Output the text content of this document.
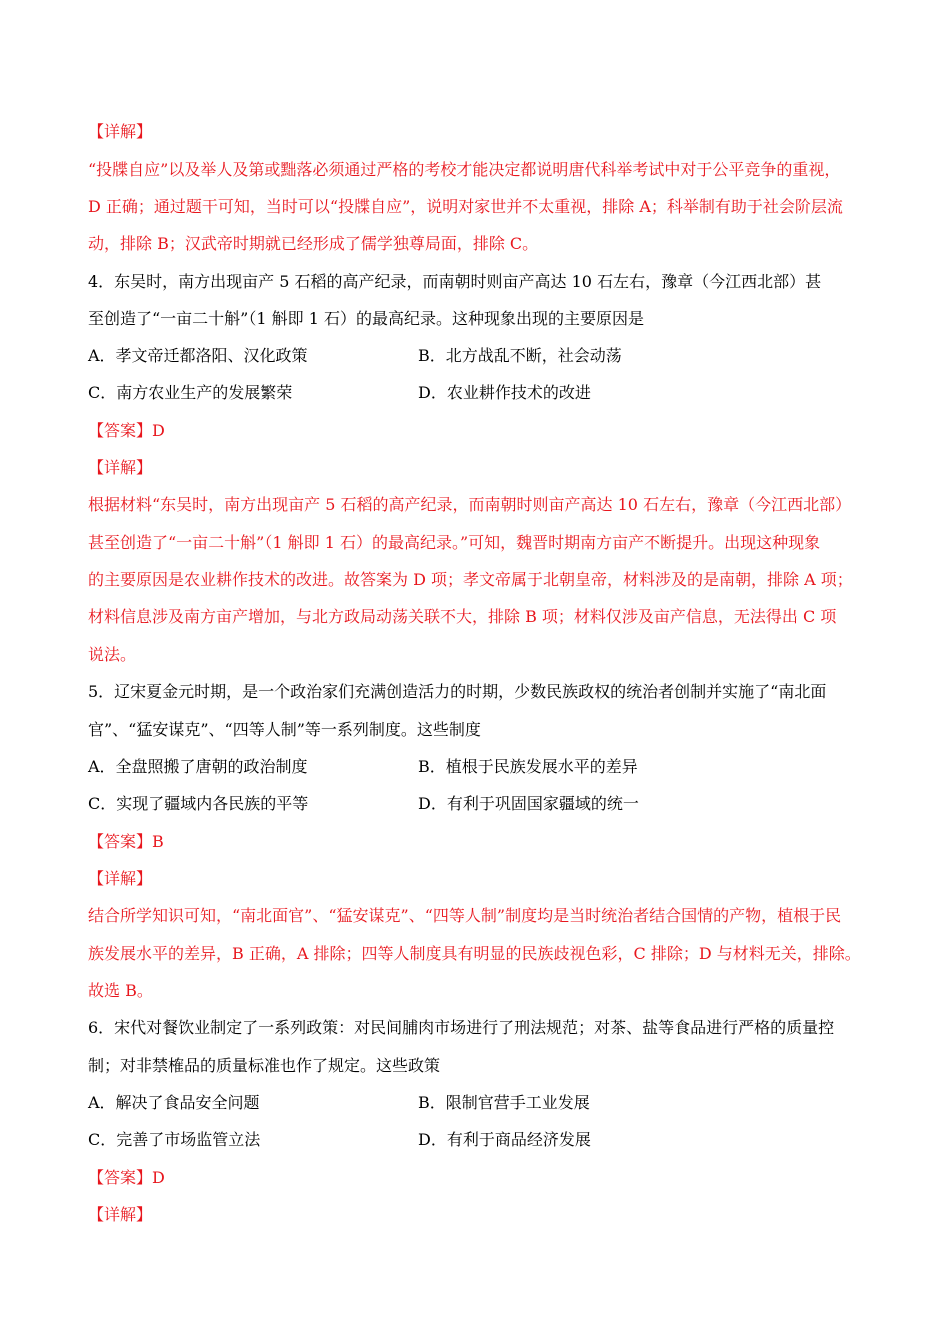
【详解】
“投牒自应”以及举人及第或黜落必须通过严格的考校才能决定都说明唐代科举考试中对于公平竞争的重视，
D 正确；通过题干可知，当时可以“投牒自应”，说明对家世并不太重视，排除 A；科举制有助于社会阶层流
动，排除 B；汉武帝时期就已经形成了儒学独尊局面，排除 C。
4．东吴时，南方出现亩产 5 石稻的高产纪录，而南朝时则亩产高达 10 石左右，豫章（今江西北部）甚
至创造了“一亩二十斛”（1 斛即 1 石）的最高纪录。这种现象出现的主要原因是
A．孝文帝迁都洛阳、汉化政策	B．北方战乱不断，社会动荡
C．南方农业生产的发展繁荣	D．农业耕作技术的改进
【答案】D
【详解】
根据材料“东吴时，南方出现亩产 5 石稻的高产纪录，而南朝时则亩产高达 10 石左右，豫章（今江西北部）
甚至创造了“一亩二十斛”（1 斛即 1 石）的最高纪录。”可知，魏晋时期南方亩产不断提升。出现这种现象
的主要原因是农业耕作技术的改进。故答案为 D 项；孝文帝属于北朝皇帝，材料涉及的是南朝，排除 A 项；
材料信息涉及南方亩产增加，与北方政局动荡关联不大，排除 B 项；材料仅涉及亩产信息，无法得出 C 项
说法。
5．辽宋夏金元时期，是一个政治家们充满创造活力的时期，少数民族政权的统治者创制并实施了“南北面
官”、“猛安谋克”、“四等人制”等一系列制度。这些制度
A．全盘照搬了唐朝的政治制度	B．植根于民族发展水平的差异
C．实现了疆域内各民族的平等	D．有利于巩固国家疆域的统一
【答案】B
【详解】
结合所学知识可知，“南北面官”、“猛安谋克”、“四等人制”制度均是当时统治者结合国情的产物，植根于民
族发展水平的差异，B 正确，A 排除；四等人制度具有明显的民族歧视色彩，C 排除；D 与材料无关，排除。
故选 B。
6．宋代对餐饮业制定了一系列政策：对民间脯肉市场进行了刑法规范；对茶、盐等食品进行严格的质量控
制；对非禁榷品的质量标准也作了规定。这些政策
A．解决了食品安全问题	B．限制官营手工业发展
C．完善了市场监管立法	D．有利于商品经济发展
【答案】D
【详解】
